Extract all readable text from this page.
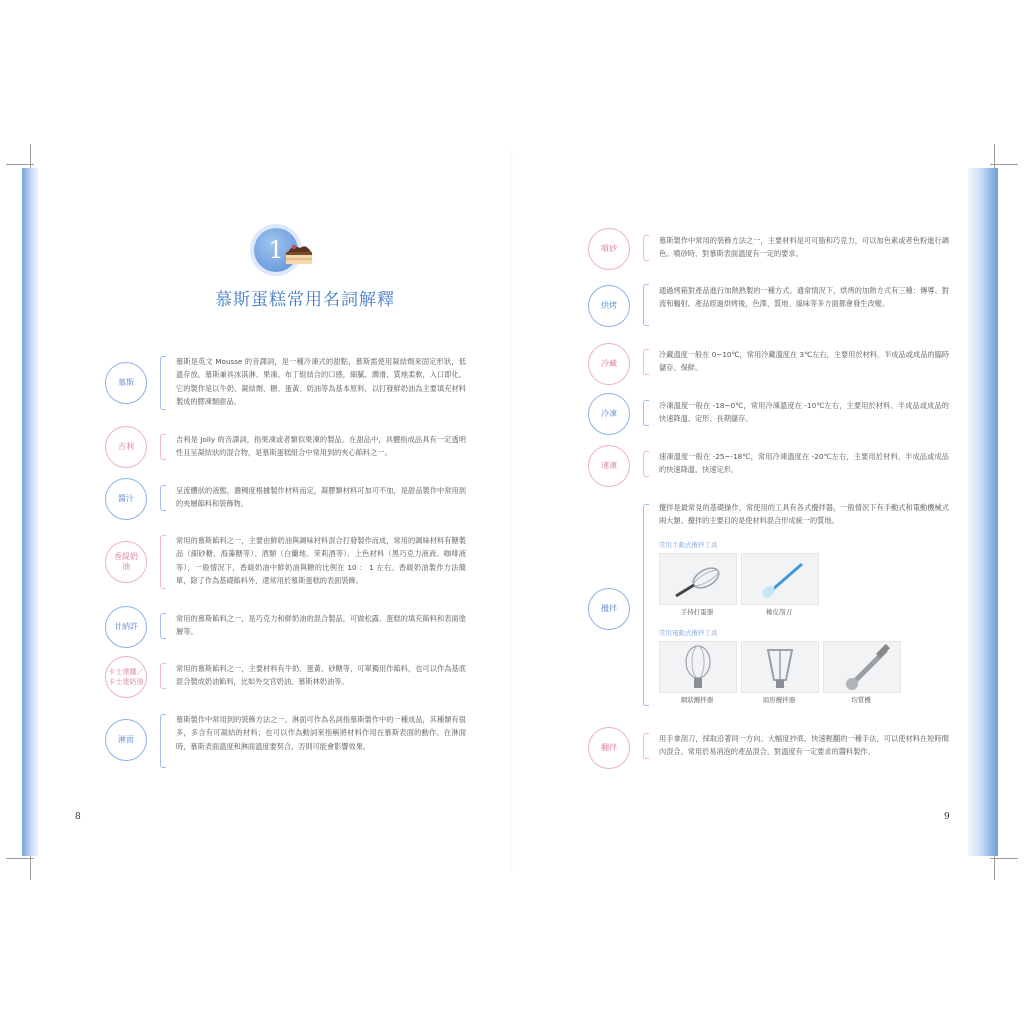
1
慕斯蛋糕常用名詞解釋
慕斯
慕斯是英文 Mousse 的音譯詞，是一種冷凍式的甜點，慕斯需使用凝結劑來固定形狀，低溫存放。慕斯兼具冰淇淋、果凍、布丁組結合的口感，細膩、潤滑、質地柔軟，入口即化。它的製作是以牛奶、凝結劑、糖、蛋黃、奶油等為基本原料，以打發鮮奶油為主要填充材料製成的膠凍類甜品。
吉利
吉利是 Jolly 的音譯詞，指果凍或者類似果凍的製品。在甜品中，具體指成品具有一定透明性且呈凝結狀的混合物，是慕斯蛋糕組合中常用到的夾心餡料之一。
醬汁
呈流體狀的液態，濃稠度根據製作材料而定，凝膠類材料可加可不加，是甜品製作中常用到的夾層餡料和裝飾物。
香緹奶油
常用的慕斯餡料之一，主要由鮮奶油與調味材料混合打發製作而成，常用的調味材料有糖製品（細砂糖、海藻糖等）、酒類（白蘭地、茉莉酒等）、上色材料（黑巧克力液液、咖啡液等），一般情況下，香緹奶油中鮮奶油與糖的比例在 10 ： 1 左右。香緹奶油製作方法簡單，除了作為基礎餡料外，還常用於慕斯蛋糕的表面裝飾。
甘納許
常用的慕斯餡料之一，是巧克力和鮮奶油的混合製品，可做松露、蛋糕的填充餡料和表面塗層等。
卡士達醬／卡士達奶油
常用的慕斯餡料之一，主要材料有牛奶、蛋黃、砂糖等，可單獨用作餡料，也可以作為基底混合製成奶油餡料，比如外交官奶油、慕斯林奶油等。
淋面
慕斯製作中常用到的裝飾方法之一，淋面可作為名詞指慕斯製作中的一種成品，其種類有很多，多含有可凝結的材料；也可以作為動詞來指稱將材料作用在慕斯表面的動作。在淋面時，慕斯表面溫度和淋面溫度要契合，否則可能會影響效果。
8
噴砂
慕斯製作中常用的裝飾方法之一，主要材料是可可脂和巧克力，可以加色素或者色粉進行調色。噴砂時，對慕斯表面溫度有一定的要求。
烘烤
通過烤箱對產品進行加熱熟製的一種方式。通常情況下，烘烤的加熱方式有三種：傳導、對流和輻射。產品經過烘烤後，色澤、質地、風味等多方面都會發生改變。
冷藏
冷藏溫度一般在 0~10℃，常用冷藏溫度在 3℃左右，主要用於材料、半成品或成品的臨時儲存、保鮮。
冷凍
冷凍溫度一般在 -18~0℃，常用冷凍溫度在 -10℃左右，主要用於材料、半成品或成品的快速降溫、定形、長期儲存。
速凍
速凍溫度一般在 -25~-18℃，常用冷凍溫度在 -20℃左右，主要用於材料、半成品或成品的快速降溫、快速定形。
攪拌
攪拌是最常見的基礎操作，常使用的工具有各式攪拌器，一般情況下有手動式和電動機械式兩大類。攪拌的主要目的是使材料混合形成統一的質地。
常用手動式攪拌工具
手持打蛋器	橡皮刮刀
常用電動式攪拌工具
網狀攪拌器	扇形攪拌器	均質機
翻拌
用手拿刮刀，採取沿著同一方向、大幅度抄底、快速輕翻的一種手法，可以使材料在短時間內混合。常用於易消泡的產品混合，對溫度有一定要求的醬料製作。
9
